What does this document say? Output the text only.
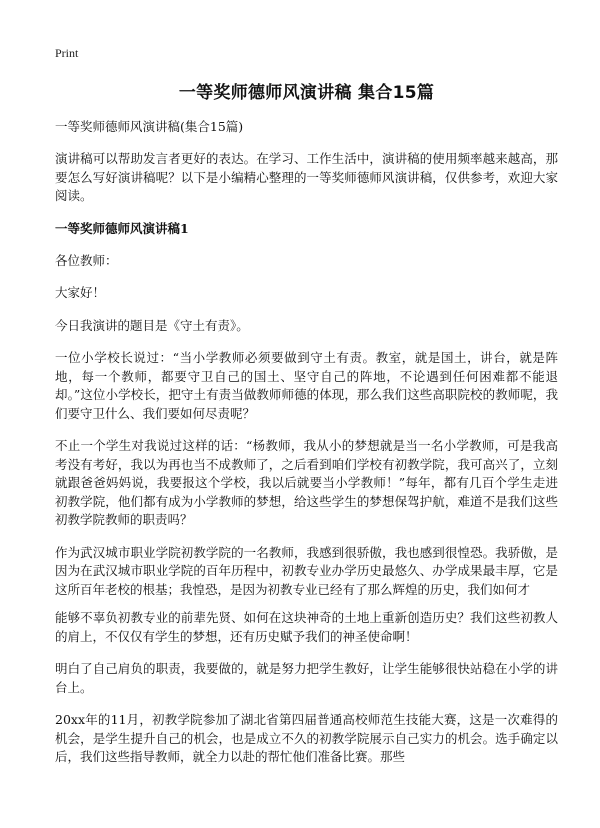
Print
一等奖师德师风演讲稿 集合15篇
一等奖师德师风演讲稿(集合15篇)

演讲稿可以帮助发言者更好的表达。在学习、工作生活中，演讲稿的使用频率越来越高，那要怎么写好演讲稿呢？以下是小编精心整理的一等奖师德师风演讲稿，仅供参考，欢迎大家阅读。

一等奖师德师风演讲稿1

各位教师：

大家好！

今日我演讲的题目是《守土有责》。

一位小学校长说过：“当小学教师必须要做到守土有责。教室，就是国土，讲台，就是阵地，每一个教师，都要守卫自己的国土、坚守自己的阵地，不论遇到任何困难都不能退却。”这位小学校长，把守土有责当做教师师德的体现，那么我们这些高职院校的教师呢，我们要守卫什么、我们要如何尽责呢？

不止一个学生对我说过这样的话：“杨教师，我从小的梦想就是当一名小学教师，可是我高考没有考好，我以为再也当不成教师了，之后看到咱们学校有初教学院，我可高兴了，立刻就跟爸爸妈妈说，我要报这个学校，我以后就要当小学教师！”每年，都有几百个学生走进初教学院，他们都有成为小学教师的梦想，给这些学生的梦想保驾护航，难道不是我们这些初教学院教师的职责吗？

作为武汉城市职业学院初教学院的一名教师，我感到很骄傲，我也感到很惶恐。我骄傲，是因为在武汉城市职业学院的百年历程中，初教专业办学历史最悠久、办学成果最丰厚，它是这所百年老校的根基；我惶恐，是因为初教专业已经有了那么辉煌的历史，我们如何才

能够不辜负初教专业的前辈先贤、如何在这块神奇的土地上重新创造历史？我们这些初教人的肩上，不仅仅有学生的梦想，还有历史赋予我们的神圣使命啊！

明白了自己肩负的职责，我要做的，就是努力把学生教好，让学生能够很快站稳在小学的讲台上。

20xx年的11月，初教学院参加了湖北省第四届普通高校师范生技能大赛，这是一次难得的机会，是学生提升自己的机会，也是成立不久的初教学院展示自己实力的机会。选手确定以后，我们这些指导教师，就全力以赴的帮忙他们准备比赛。那些
